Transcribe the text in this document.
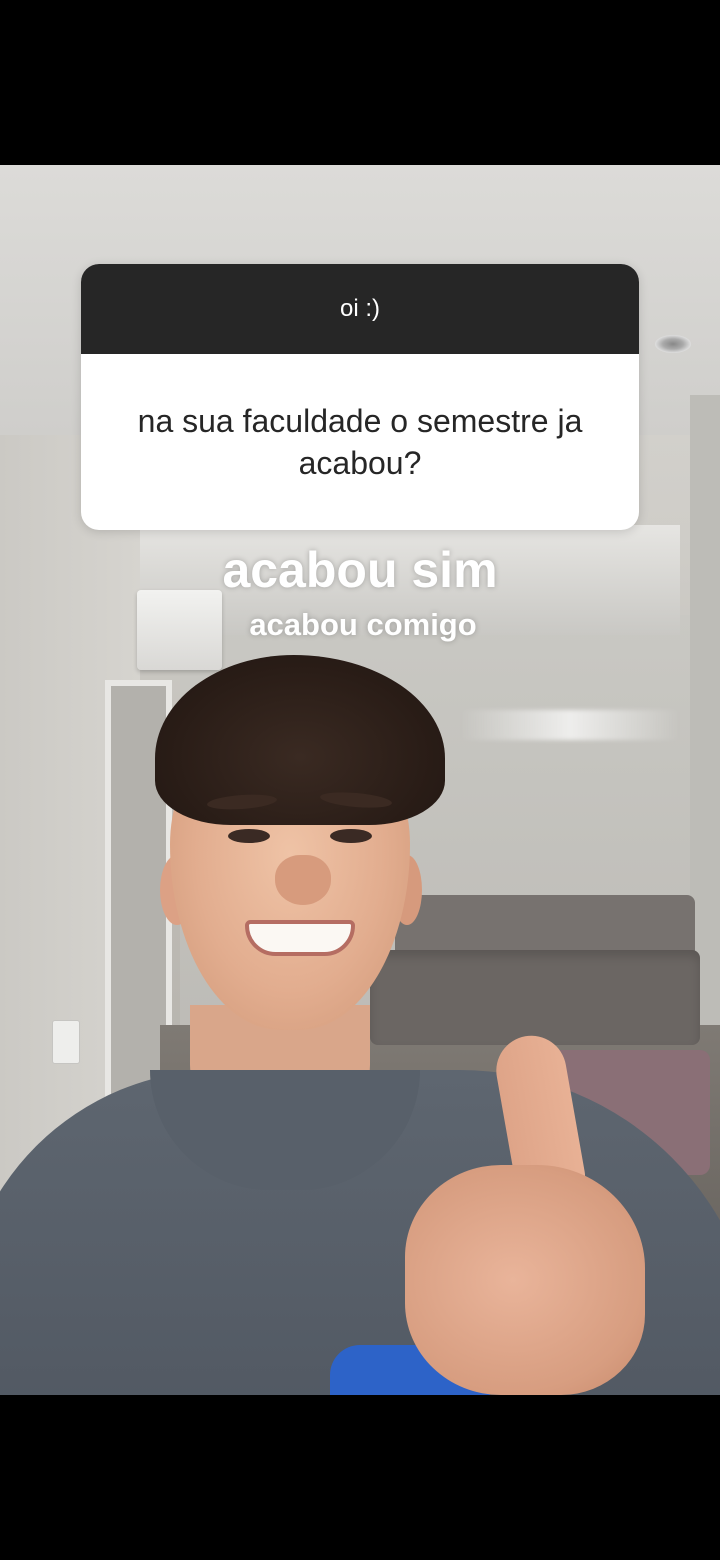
oi :)
na sua faculdade o semestre ja acabou?
acabou sim
acabou comigo
